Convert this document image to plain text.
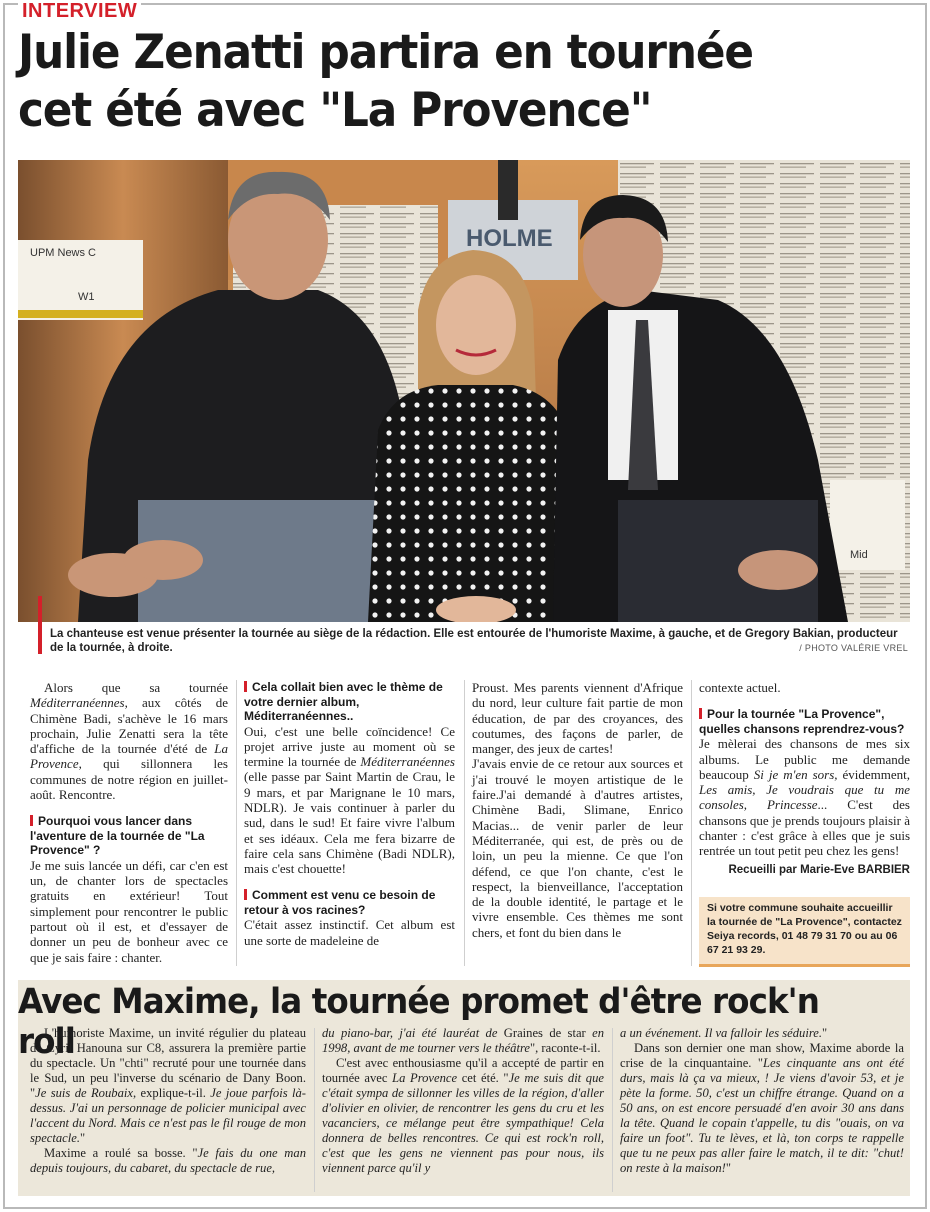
INTERVIEW
Julie Zenatti partira en tournée
cet été avec "La Provence"
HOLME
UPM News C
W1
Mid

La chanteuse est venue présenter la tournée au siège de la rédaction. Elle est entourée de l'humoriste Maxime, à gauche, et de Gregory Bakian, producteur de la tournée, à droite.	/ PHOTO VALÉRIE VREL

Alors que sa tournée Méditerranéennes, aux côtés de Chimène Badi, s'achève le 16 mars prochain, Julie Zenatti sera la tête d'affiche de la tournée d'été de La Provence, qui sillonnera les communes de notre région en juillet-août. Rencontre.

Pourquoi vous lancer dans l'aventure de la tournée de "La Provence" ?

Je me suis lancée un défi, car c'en est un, de chanter lors de spectacles gratuits en extérieur! Tout simplement pour rencontrer le public partout où il est, et d'essayer de donner un peu de bonheur avec ce que je sais faire : chanter.

Cela collait bien avec le thème de votre dernier album, Méditerranéennes..

Oui, c'est une belle coïncidence! Ce projet arrive juste au moment où se termine la tournée de Méditerranéennes (elle passe par Saint Martin de Crau, le 9 mars, et par Marignane le 10 mars, NDLR). Je vais continuer à parler du sud, dans le sud! Et faire vivre l'album et ses idéaux. Cela me fera bizarre de faire cela sans Chimène (Badi NDLR), mais c'est chouette!

Comment est venu ce besoin de retour à vos racines?

C'était assez instinctif. Cet album est une sorte de madeleine de

Proust. Mes parents viennent d'Afrique du nord, leur culture fait partie de mon éducation, de par des croyances, des coutumes, des façons de parler, de manger, des jeux de cartes!

J'avais envie de ce retour aux sources et j'ai trouvé le moyen artistique de le faire.J'ai demandé à d'autres artistes, Chimène Badi, Slimane, Enrico Macias... de venir parler de leur Méditerranée, qui est, de près ou de loin, un peu la mienne. Ce que l'on défend, ce que l'on chante, c'est le respect, la bienveillance, l'acceptation de la double identité, le partage et le vivre ensemble. Ces thèmes me sont chers, et font du bien dans le

contexte actuel.

Pour la tournée "La Provence", quelles chansons reprendrez-vous?

Je mèlerai des chansons de mes six albums. Le public me demande beaucoup Si je m'en sors, évidemment, Les amis, Je voudrais que tu me consoles, Princesse... C'est des chansons que je prends toujours plaisir à chanter : c'est grâce à elles que je suis rentrée un tout petit peu chez les gens!

Recueilli par Marie-Eve BARBIER

Si votre commune souhaite accueillir la tournée de "La Provence", contactez Seiya records, 01 48 79 31 70 ou au 06 67 21 93 29.
Avec Maxime, la tournée promet d'être rock'n roll

L'humoriste Maxime, un invité régulier du plateau de Cyril Hanouna sur C8, assurera la première partie du spectacle. Un "chti" recruté pour une tournée dans le Sud, un peu l'inverse du scénario de Dany Boon. "Je suis de Roubaix, explique-t-il. Je joue parfois là-dessus. J'ai un personnage de policier municipal avec l'accent du Nord. Mais ce n'est pas le fil rouge de mon spectacle."

Maxime a roulé sa bosse. "Je fais du one man depuis toujours, du cabaret, du spectacle de rue,

du piano-bar, j'ai été lauréat de Graines de star en 1998, avant de me tourner vers le théâtre", raconte-t-il.

C'est avec enthousiasme qu'il a accepté de partir en tournée avec La Provence cet été. "Je me suis dit que c'était sympa de sillonner les villes de la région, d'aller d'olivier en olivier, de rencontrer les gens du cru et les vacanciers, ce mélange peut être sympathique! Cela donnera de belles rencontres. Ce qui est rock'n roll, c'est que les gens ne viennent pas pour nous, ils viennent parce qu'il y

a un événement. Il va falloir les séduire."

Dans son dernier one man show, Maxime aborde la crise de la cinquantaine. "Les cinquante ans ont été durs, mais là ça va mieux, ! Je viens d'avoir 53, et je pète la forme. 50, c'est un chiffre étrange. Quand on a 50 ans, on est encore persuadé d'en avoir 30 ans dans la tête. Quand le copain t'appelle, tu dis "ouais, on va faire un foot". Tu te lèves, et là, ton corps te rappelle que tu ne peux pas aller faire le match, il te dit: "chut! on reste à la maison!"
